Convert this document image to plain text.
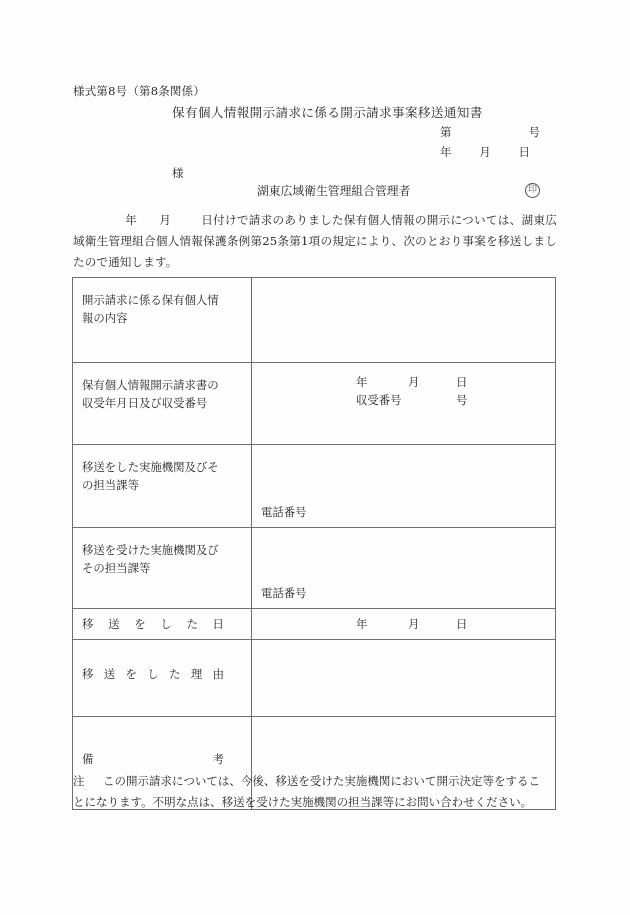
様式第8号（第8条関係）
保有個人情報開示請求に係る開示請求事案移送通知書
第	号
年 月 日
様
湖東広域衛生管理組合管理者	印
年 月	日付けで請求のありました保有個人情報の開示については、湖東広域衛生管理組合個人情報保護条例第25条第1項の規定により、次のとおり事案を移送しましたので通知します。
開示請求に係る保有個人情
報の内容	

保有個人情報開示請求書の
収受年月日及び収受番号

年	月	日
収受番号	号

移送をした実施機関及びそ
の担当課等	電話番号

移送を受けた実施機関及び
その担当課等	電話番号

移 送 を し た 日	年	月	日

移 送 を し た 理 由

備 考	

注 この開示請求については、今後、移送を受けた実施機関において開示決定等をすることになります。不明な点は、移送を受けた実施機関の担当課等にお問い合わせください。
